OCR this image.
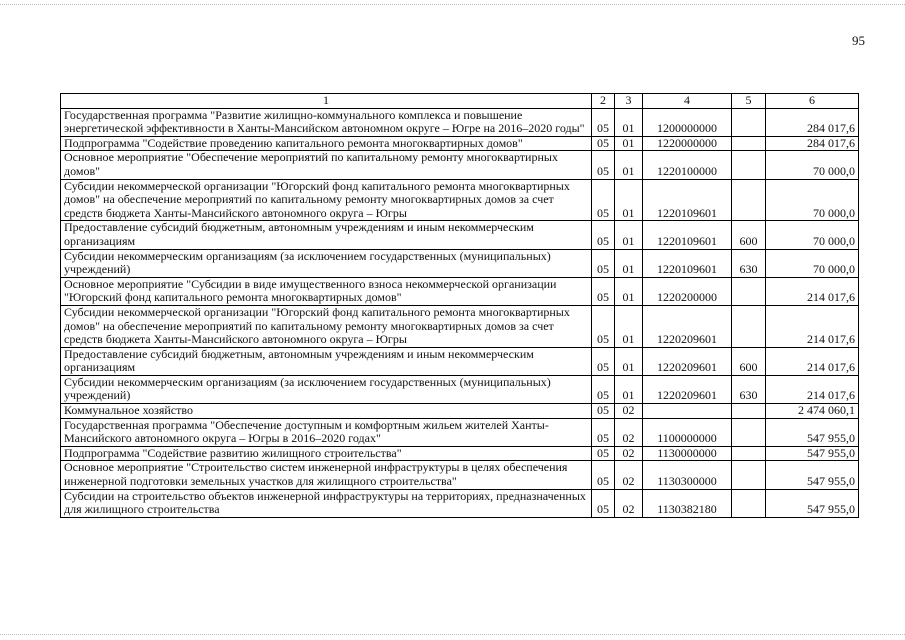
95
1	2	3	4	5	6
Государственная программа "Развитие жилищно-коммунального комплекса и повышение энергетической эффективности в Ханты-Мансийском автономном округе – Югре на 2016–2020 годы"	05	01	1200000000		284 017,6
Подпрограмма "Содействие проведению капитального ремонта многоквартирных домов"	05	01	1220000000		284 017,6
Основное мероприятие "Обеспечение мероприятий по капитальному ремонту многоквартирных домов"	05	01	1220100000		70 000,0
Субсидии некоммерческой организации "Югорский фонд капитального ремонта многоквартирных домов" на обеспечение мероприятий по капитальному ремонту многоквартирных домов за счет средств бюджета Ханты-Мансийского автономного округа – Югры	05	01	1220109601		70 000,0
Предоставление субсидий бюджетным, автономным учреждениям и иным некоммерческим организациям	05	01	1220109601	600	70 000,0
Субсидии некоммерческим организациям (за исключением государственных (муниципальных) учреждений)	05	01	1220109601	630	70 000,0
Основное мероприятие "Субсидии в виде имущественного взноса некоммерческой организации "Югорский фонд капитального ремонта многоквартирных домов"	05	01	1220200000		214 017,6
Субсидии некоммерческой организации "Югорский фонд капитального ремонта многоквартирных домов" на обеспечение мероприятий по капитальному ремонту многоквартирных домов за счет средств бюджета Ханты-Мансийского автономного округа – Югры	05	01	1220209601		214 017,6
Предоставление субсидий бюджетным, автономным учреждениям и иным некоммерческим организациям	05	01	1220209601	600	214 017,6
Субсидии некоммерческим организациям (за исключением государственных (муниципальных) учреждений)	05	01	1220209601	630	214 017,6
Коммунальное хозяйство	05	02			2 474 060,1
Государственная программа "Обеспечение доступным и комфортным жильем жителей Ханты-Мансийского автономного округа – Югры в 2016–2020 годах"	05	02	1100000000		547 955,0
Подпрограмма "Содействие развитию жилищного строительства"	05	02	1130000000		547 955,0
Основное мероприятие "Строительство систем инженерной инфраструктуры в целях обеспечения инженерной подготовки земельных участков для жилищного строительства"	05	02	1130300000		547 955,0
Субсидии на строительство объектов инженерной инфраструктуры на территориях, предназначенных для жилищного строительства	05	02	1130382180		547 955,0
